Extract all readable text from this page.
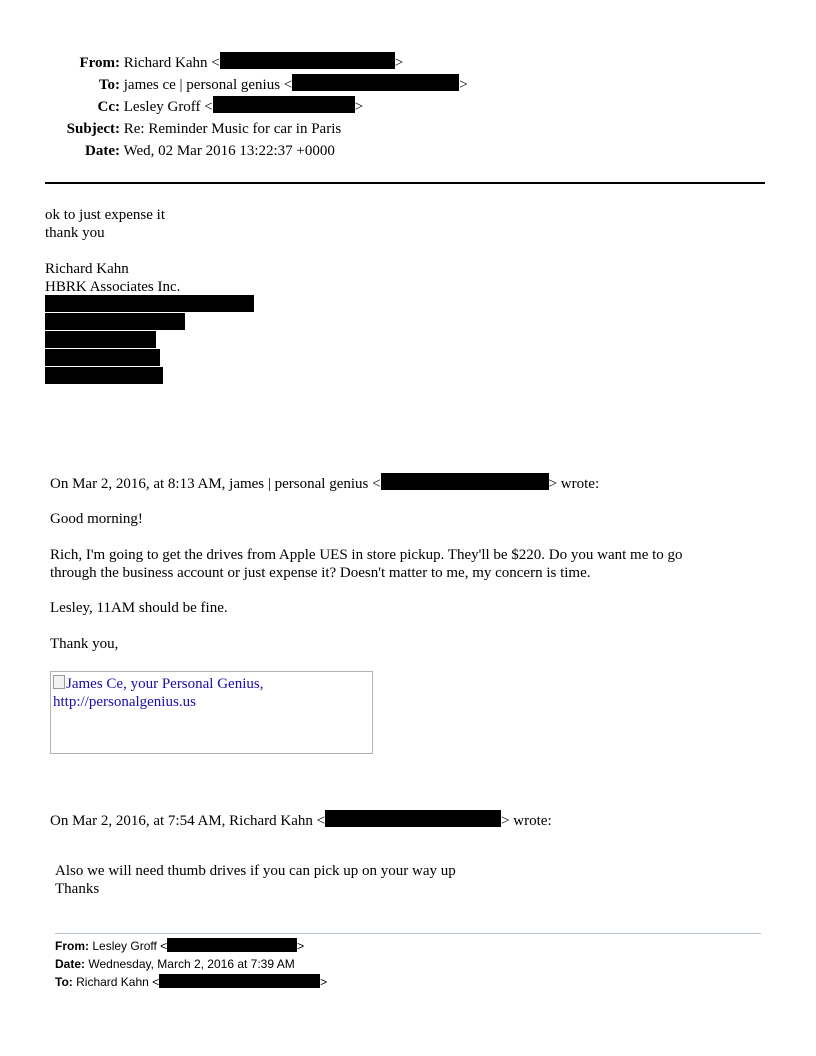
From: Richard Kahn <	>
To: james ce | personal genius <	>
Cc: Lesley Groff <	>
Subject: Re: Reminder Music for car in Paris
Date: Wed, 02 Mar 2016 13:22:37 +0000
ok to just expense it
thank you
Richard Kahn
HBRK Associates Inc.
On Mar 2, 2016, at 8:13 AM, james | personal genius <	> wrote:
Good morning!
Rich, I'm going to get the drives from Apple UES in store pickup. They'll be $220. Do you want me to go
through the business account or just expense it? Doesn't matter to me, my concern is time.
Lesley, 11AM should be fine.
Thank you,
James Ce, your Personal Genius,
http://personalgenius.us
On Mar 2, 2016, at 7:54 AM, Richard Kahn <	> wrote:
Also we will need thumb drives if you can pick up on your way up
Thanks
From: Lesley Groff <	>
Date: Wednesday, March 2, 2016 at 7:39 AM
To: Richard Kahn <	>
